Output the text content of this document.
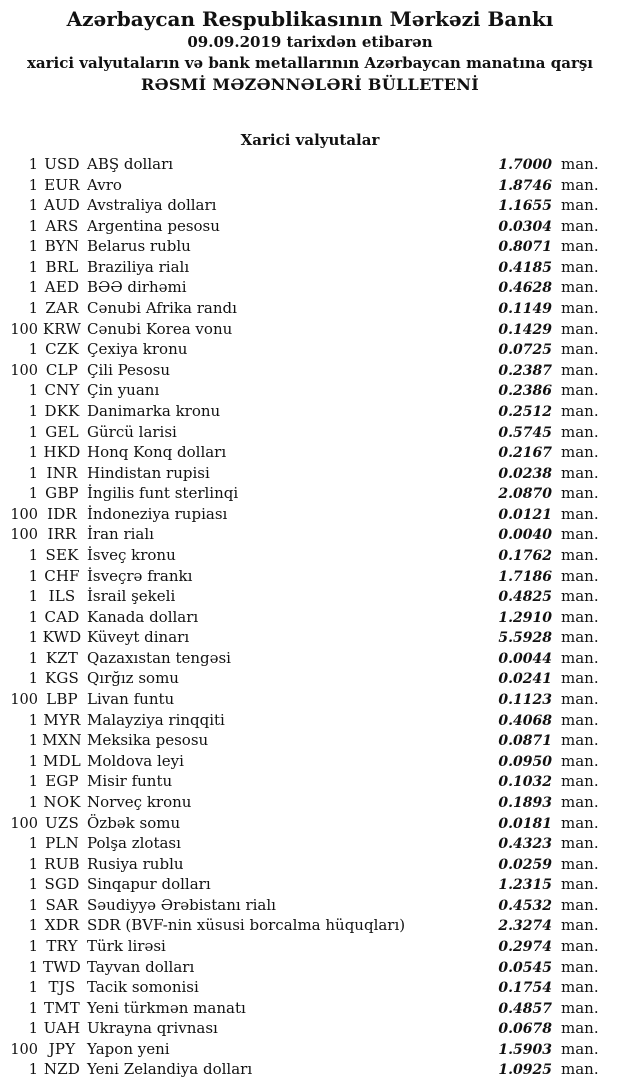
Azərbaycan Respublikasının Mərkəzi Bankı
09.09.2019 tarixdən etibarən
xarici valyutaların və bank metallarının Azərbaycan manatına qarşı
RƏSMİ MƏZƏNNƏLƏRİ BÜLLETENİ
Xarici valyutalar
1 USD ABŞ dolları	1.7000 man.
1 EUR Avro	1.8746 man.
1 AUD Avstraliya dolları	1.1655 man.
1 ARS Argentina pesosu	0.0304 man.
1 BYN Belarus rublu	0.8071 man.
1 BRL Braziliya rialı	0.4185 man.
1 AED BƏƏ dirhəmi	0.4628 man.
1 ZAR Cənubi Afrika randı	0.1149 man.
100 KRW Cənubi Korea vonu	0.1429 man.
1 CZK Çexiya kronu	0.0725 man.
100 CLP Çili Pesosu	0.2387 man.
1 CNY Çin yuanı	0.2386 man.
1 DKK Danimarka kronu	0.2512 man.
1 GEL Gürcü larisi	0.5745 man.
1 HKD Honq Konq dolları	0.2167 man.
1 INR Hindistan rupisi	0.0238 man.
1 GBP İngilis funt sterlinqi	2.0870 man.
100 IDR İndoneziya rupiası	0.0121 man.
100 IRR İran rialı	0.0040 man.
1 SEK İsveç kronu	0.1762 man.
1 CHF İsveçrə frankı	1.7186 man.
1 ILS İsrail şekeli	0.4825 man.
1 CAD Kanada dolları	1.2910 man.
1 KWD Küveyt dinarı	5.5928 man.
1 KZT Qazaxıstan tengəsi	0.0044 man.
1 KGS Qırğız somu	0.0241 man.
100 LBP Livan funtu	0.1123 man.
1 MYR Malayziya rinqqiti	0.4068 man.
1 MXN Meksika pesosu	0.0871 man.
1 MDL Moldova leyi	0.0950 man.
1 EGP Misir funtu	0.1032 man.
1 NOK Norveç kronu	0.1893 man.
100 UZS Özbək somu	0.0181 man.
1 PLN Polşa zlotası	0.4323 man.
1 RUB Rusiya rublu	0.0259 man.
1 SGD Sinqapur dolları	1.2315 man.
1 SAR Səudiyyə Ərəbistanı rialı	0.4532 man.
1 XDR SDR (BVF-nin xüsusi borcalma hüquqları)	2.3274 man.
1 TRY Türk lirəsi	0.2974 man.
1 TWD Tayvan dolları	0.0545 man.
1 TJS Tacik somonisi	0.1754 man.
1 TMT Yeni türkmən manatı	0.4857 man.
1 UAH Ukrayna qrivnası	0.0678 man.
100 JPY Yapon yeni	1.5903 man.
1 NZD Yeni Zelandiya dolları	1.0925 man.
